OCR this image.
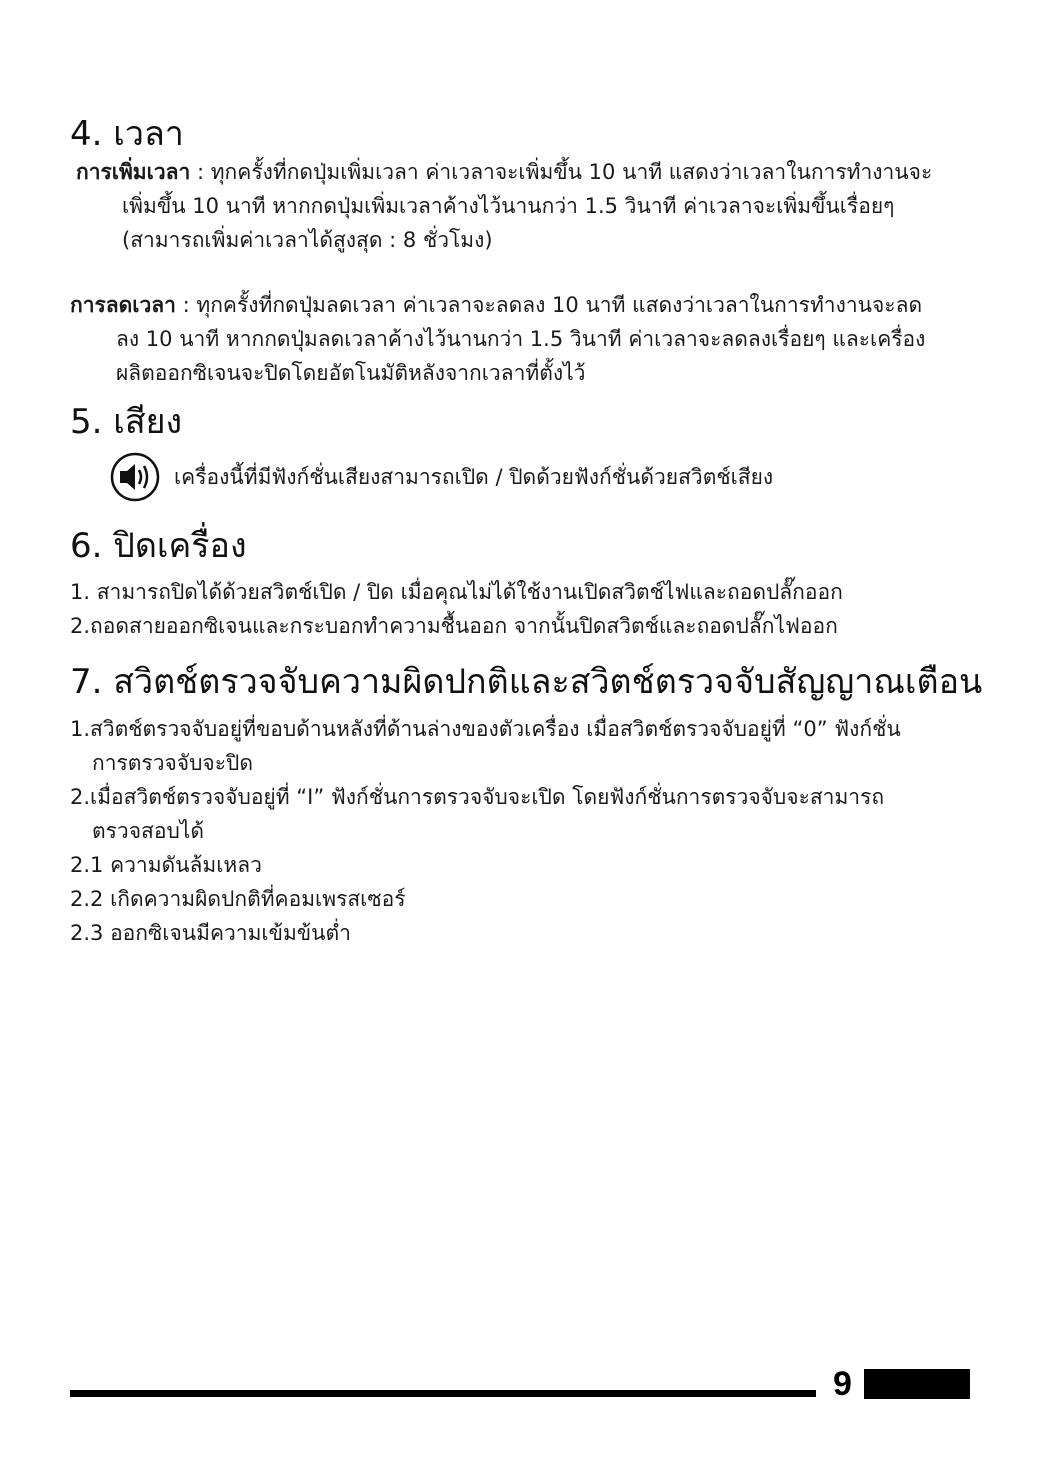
4. เวลา
การเพิ่มเวลา : ทุกครั้งที่กดปุ่มเพิ่มเวลา ค่าเวลาจะเพิ่มขึ้น 10 นาที แสดงว่าเวลาในการทำงานจะ
เพิ่มขึ้น 10 นาที หากกดปุ่มเพิ่มเวลาค้างไว้นานกว่า 1.5 วินาที ค่าเวลาจะเพิ่มขึ้นเรื่อยๆ
(สามารถเพิ่มค่าเวลาได้สูงสุด : 8 ชั่วโมง)
การลดเวลา : ทุกครั้งที่กดปุ่มลดเวลา ค่าเวลาจะลดลง 10 นาที แสดงว่าเวลาในการทำงานจะลด
ลง 10 นาที หากกดปุ่มลดเวลาค้างไว้นานกว่า 1.5 วินาที ค่าเวลาจะลดลงเรื่อยๆ และเครื่อง
ผลิตออกซิเจนจะปิดโดยอัตโนมัติหลังจากเวลาที่ตั้งไว้
5. เสียง
เครื่องนี้ที่มีฟังก์ชั่นเสียงสามารถเปิด / ปิดด้วยฟังก์ชั่นด้วยสวิตช์เสียง
6. ปิดเครื่อง
1. สามารถปิดได้ด้วยสวิตช์เปิด / ปิด เมื่อคุณไม่ได้ใช้งานเปิดสวิตช์ไฟและถอดปลั๊กออก
2.ถอดสายออกซิเจนและกระบอกทำความชื้นออก จากนั้นปิดสวิตช์และถอดปลั๊กไฟออก
7. สวิตช์ตรวจจับความผิดปกติและสวิตช์ตรวจจับสัญญาณเตือน
1.สวิตช์ตรวจจับอยู่ที่ขอบด้านหลังที่ด้านล่างของตัวเครื่อง เมื่อสวิตช์ตรวจจับอยู่ที่ “0” ฟังก์ชั่น
การตรวจจับจะปิด
2.เมื่อสวิตช์ตรวจจับอยู่ที่ “I” ฟังก์ชั่นการตรวจจับจะเปิด โดยฟังก์ชั่นการตรวจจับจะสามารถ
ตรวจสอบได้
2.1 ความดันล้มเหลว
2.2 เกิดความผิดปกติที่คอมเพรสเซอร์
2.3 ออกซิเจนมีความเข้มข้นต่ำ
9
